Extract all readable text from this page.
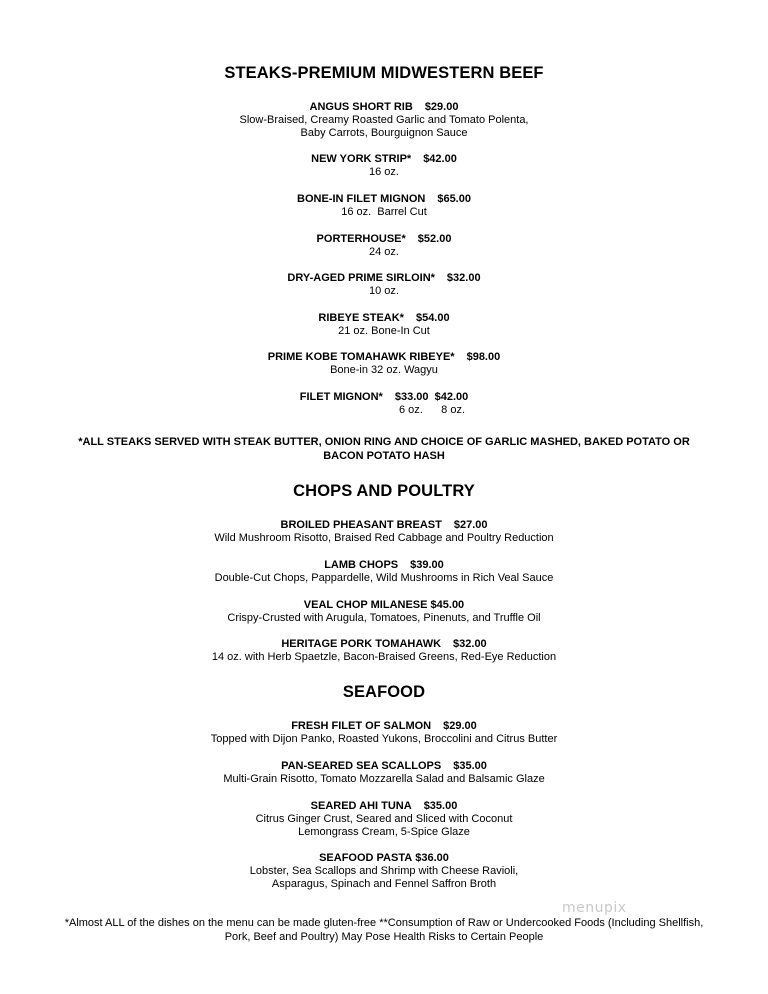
STEAKS-PREMIUM MIDWESTERN BEEF
ANGUS SHORT RIB $29.00
Slow-Braised, Creamy Roasted Garlic and Tomato Polenta,
Baby Carrots, Bourguignon Sauce
NEW YORK STRIP* $42.00
16 oz.
BONE-IN FILET MIGNON $65.00
16 oz.  Barrel Cut
PORTERHOUSE* $52.00
24 oz.
DRY-AGED PRIME SIRLOIN* $32.00
10 oz.
RIBEYE STEAK* $54.00
21 oz. Bone-In Cut
PRIME KOBE TOMAHAWK RIBEYE* $98.00
Bone-in 32 oz. Wagyu
FILET MIGNON* $33.00  $42.00
6 oz.      8 oz.
*ALL STEAKS SERVED WITH STEAK BUTTER, ONION RING AND CHOICE OF GARLIC MASHED, BAKED POTATO OR BACON POTATO HASH
CHOPS AND POULTRY
BROILED PHEASANT BREAST $27.00
Wild Mushroom Risotto, Braised Red Cabbage and Poultry Reduction
LAMB CHOPS $39.00
Double-Cut Chops, Pappardelle, Wild Mushrooms in Rich Veal Sauce
VEAL CHOP MILANESE $45.00
Crispy-Crusted with Arugula, Tomatoes, Pinenuts, and Truffle Oil
HERITAGE PORK TOMAHAWK $32.00
14 oz. with Herb Spaetzle, Bacon-Braised Greens, Red-Eye Reduction
SEAFOOD
FRESH FILET OF SALMON $29.00
Topped with Dijon Panko, Roasted Yukons, Broccolini and Citrus Butter
PAN-SEARED SEA SCALLOPS $35.00
Multi-Grain Risotto, Tomato Mozzarella Salad and Balsamic Glaze
SEARED AHI TUNA $35.00
Citrus Ginger Crust, Seared and Sliced with Coconut
Lemongrass Cream, 5-Spice Glaze
SEAFOOD PASTA $36.00
Lobster, Sea Scallops and Shrimp with Cheese Ravioli,
Asparagus, Spinach and Fennel Saffron Broth
menupix
*Almost ALL of the dishes on the menu can be made gluten-free **Consumption of Raw or Undercooked Foods (Including Shellfish, Pork, Beef and Poultry) May Pose Health Risks to Certain People
